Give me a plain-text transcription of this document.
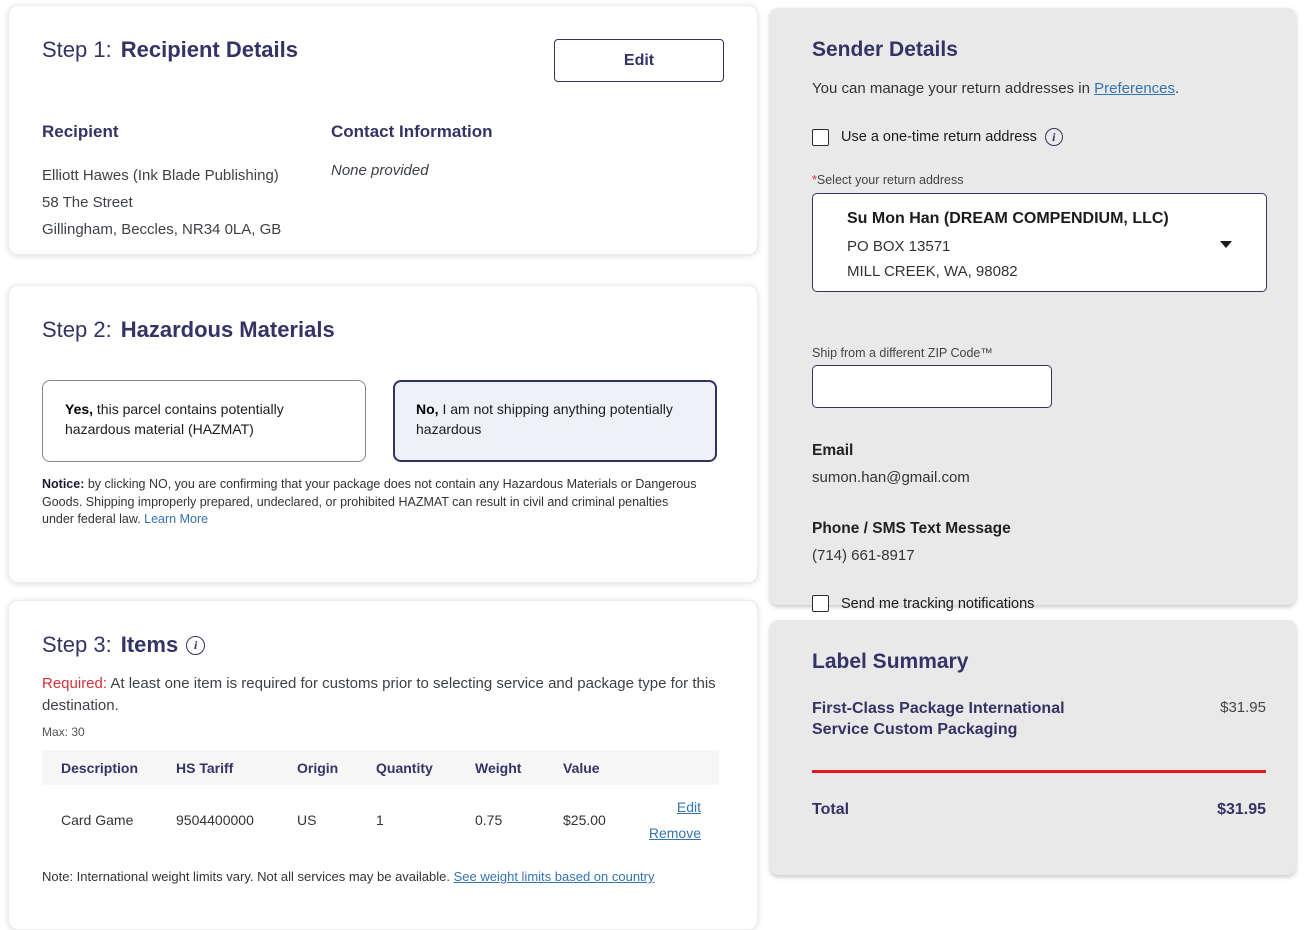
Step 1: Recipient Details	Edit
Recipient
Elliott Hawes (Ink Blade Publishing)
58 The Street
Gillingham, Beccles, NR34 0LA, GB
Contact Information
None provided
Step 2: Hazardous Materials
Yes, this parcel contains potentially hazardous material (HAZMAT)
No, I am not shipping anything potentially hazardous
Notice: by clicking NO, you are confirming that your package does not contain any Hazardous Materials or Dangerous Goods. Shipping improperly prepared, undeclared, or prohibited HAZMAT can result in civil and criminal penalties under federal law. Learn More
Step 3: Items
i
Required: At least one item is required for customs prior to selecting service and package type for this destination.
Max: 30
Description	HS Tariff	Origin	Quantity	Weight	Value	
Card Game	9504400000	US	1	0.75	$25.00	Edit
Remove
Note: International weight limits vary. Not all services may be available. See weight limits based on country
Sender Details
You can manage your return addresses in Preferences.
Use a one-time return address
i
*Select your return address
Su Mon Han (DREAM COMPENDIUM, LLC)
PO BOX 13571
MILL CREEK, WA, 98082
Ship from a different ZIP Code™
Email
sumon.han@gmail.com
Phone / SMS Text Message
(714) 661-8917
Send me tracking notifications
Label Summary
First-Class Package International
Service Custom Packaging
$31.95
Total	$31.95
